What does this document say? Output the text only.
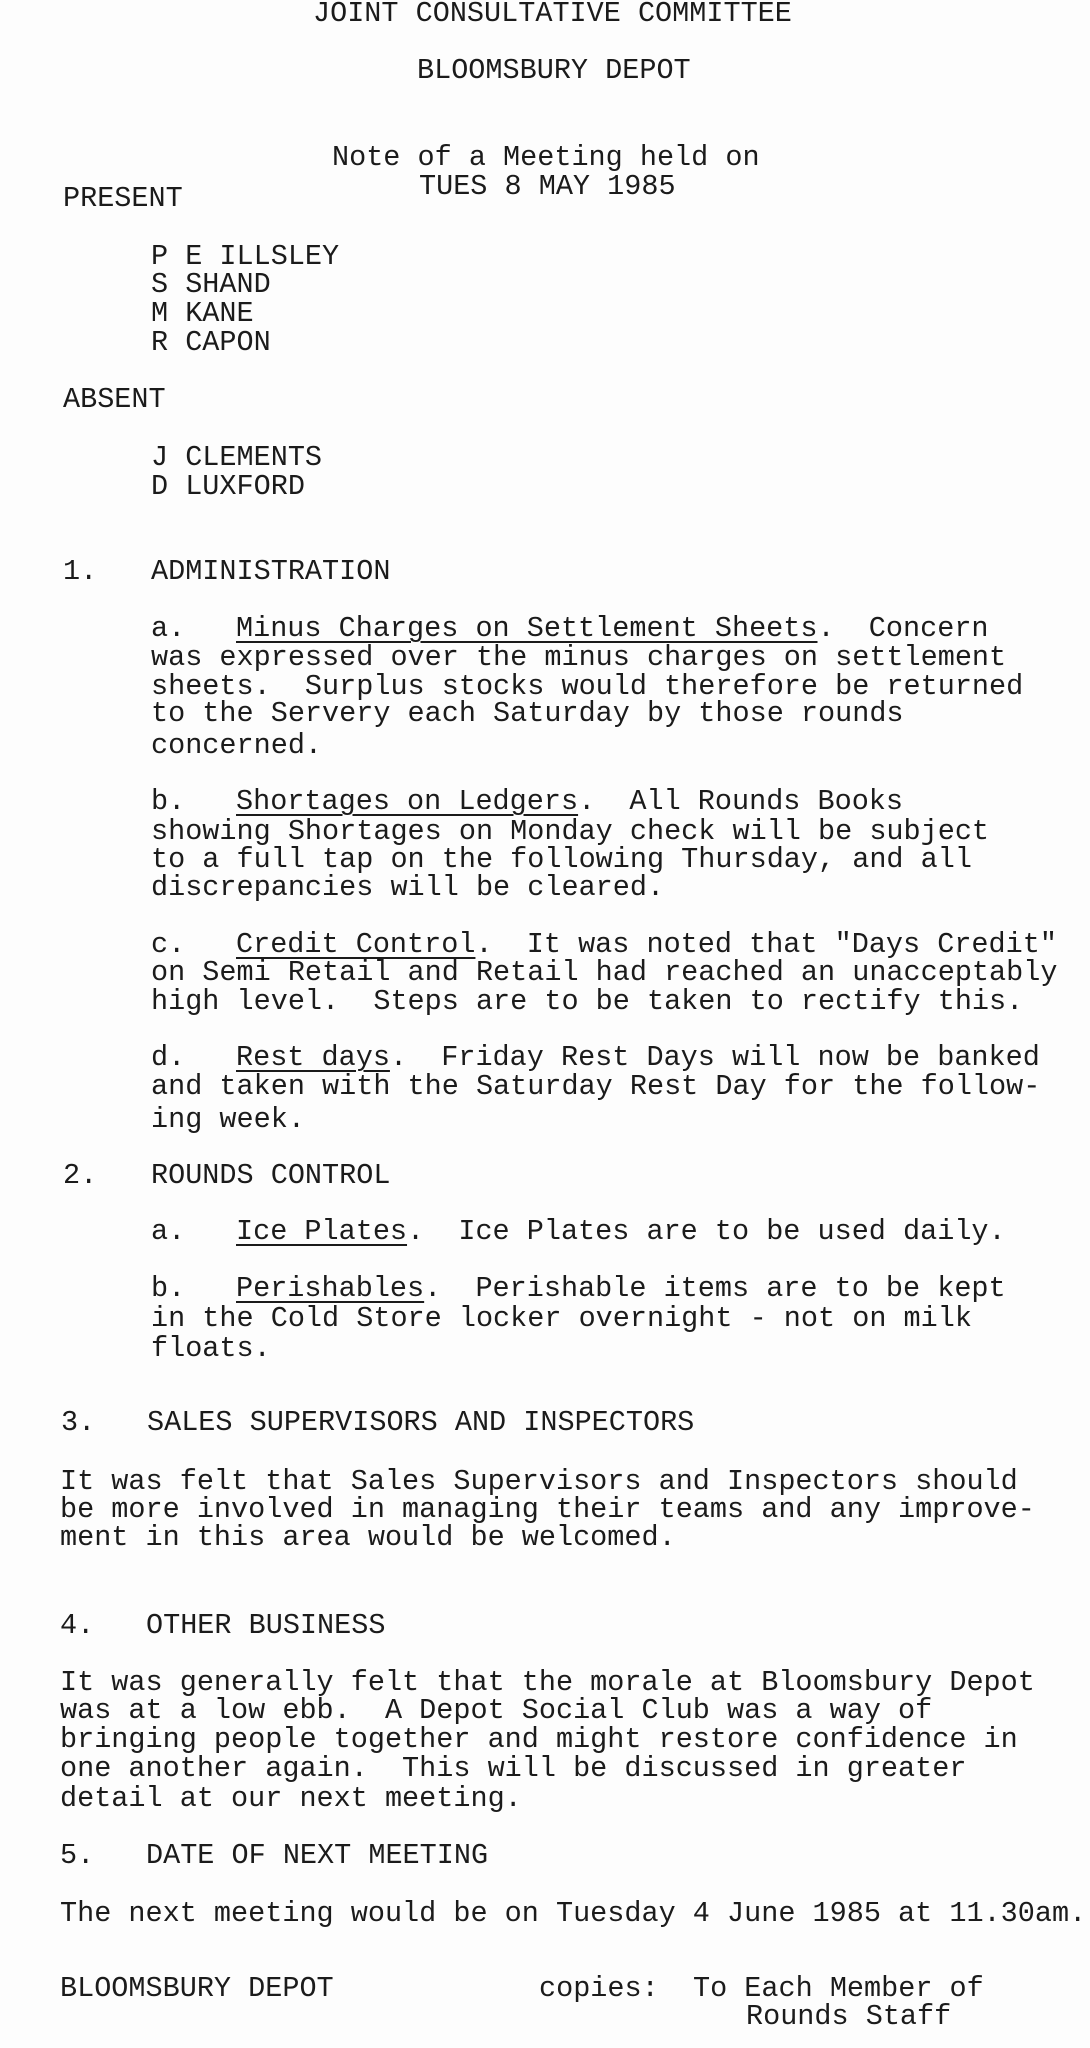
JOINT CONSULTATIVE COMMITTEE
BLOOMSBURY DEPOT
Note of a Meeting held on
TUES 8 MAY 1985
PRESENT
P E ILLSLEY
S SHAND
M KANE
R CAPON
ABSENT
J CLEMENTS
D LUXFORD
1. ADMINISTRATION
a. Minus Charges on Settlement Sheets.  Concern
was expressed over the minus charges on settlement
sheets.  Surplus stocks would therefore be returned
to the Servery each Saturday by those rounds
concerned.
b. Shortages on Ledgers.  All Rounds Books
showing Shortages on Monday check will be subject
to a full tap on the following Thursday, and all
discrepancies will be cleared.
c. Credit Control.  It was noted that "Days Credit"
on Semi Retail and Retail had reached an unacceptably
high level.  Steps are to be taken to rectify this.
d. Rest days.  Friday Rest Days will now be banked
and taken with the Saturday Rest Day for the follow-
ing week.
2. ROUNDS CONTROL
a. Ice Plates.  Ice Plates are to be used daily.
b. Perishables.  Perishable items are to be kept
in the Cold Store locker overnight - not on milk
floats.
3. SALES SUPERVISORS AND INSPECTORS
It was felt that Sales Supervisors and Inspectors should
be more involved in managing their teams and any improve-
ment in this area would be welcomed.
4. OTHER BUSINESS
It was generally felt that the morale at Bloomsbury Depot
was at a low ebb.  A Depot Social Club was a way of
bringing people together and might restore confidence in
one another again.  This will be discussed in greater
detail at our next meeting.
5. DATE OF NEXT MEETING
The next meeting would be on Tuesday 4 June 1985 at 11.30am.
BLOOMSBURY DEPOT	copies: To Each Member of
Rounds Staff
